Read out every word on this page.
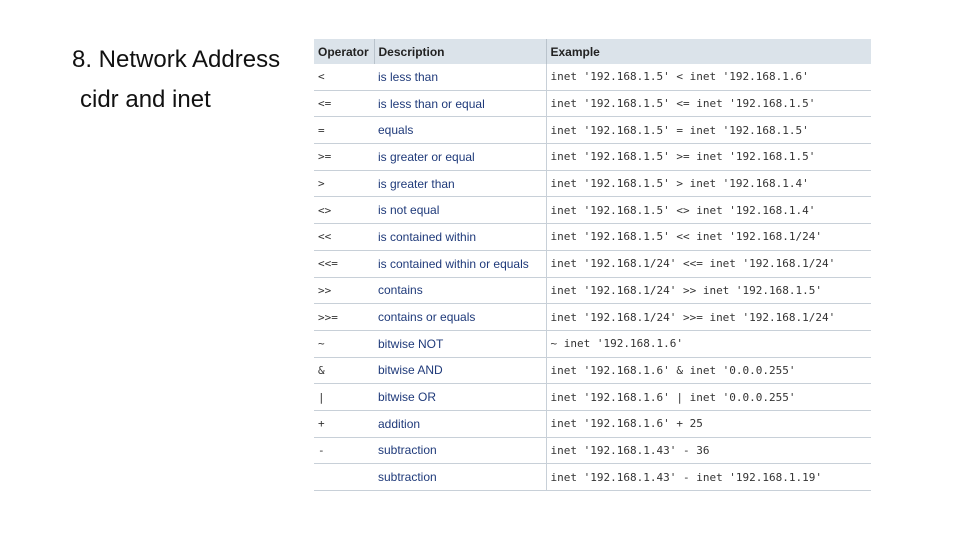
8. Network Address
cidr and inet
Operator	Description	Example
<	is less than	inet '192.168.1.5' < inet '192.168.1.6'
<=	is less than or equal	inet '192.168.1.5' <= inet '192.168.1.5'
=	equals	inet '192.168.1.5' = inet '192.168.1.5'
>=	is greater or equal	inet '192.168.1.5' >= inet '192.168.1.5'
>	is greater than	inet '192.168.1.5' > inet '192.168.1.4'
<>	is not equal	inet '192.168.1.5' <> inet '192.168.1.4'
<<	is contained within	inet '192.168.1.5' << inet '192.168.1/24'
<<=	is contained within or equals	inet '192.168.1/24' <<= inet '192.168.1/24'
>>	contains	inet '192.168.1/24' >> inet '192.168.1.5'
>>=	contains or equals	inet '192.168.1/24' >>= inet '192.168.1/24'
~	bitwise NOT	~ inet '192.168.1.6'
&	bitwise AND	inet '192.168.1.6' & inet '0.0.0.255'
|	bitwise OR	inet '192.168.1.6' | inet '0.0.0.255'
+	addition	inet '192.168.1.6' + 25
-	subtraction	inet '192.168.1.43' - 36
	subtraction	inet '192.168.1.43' - inet '192.168.1.19'
